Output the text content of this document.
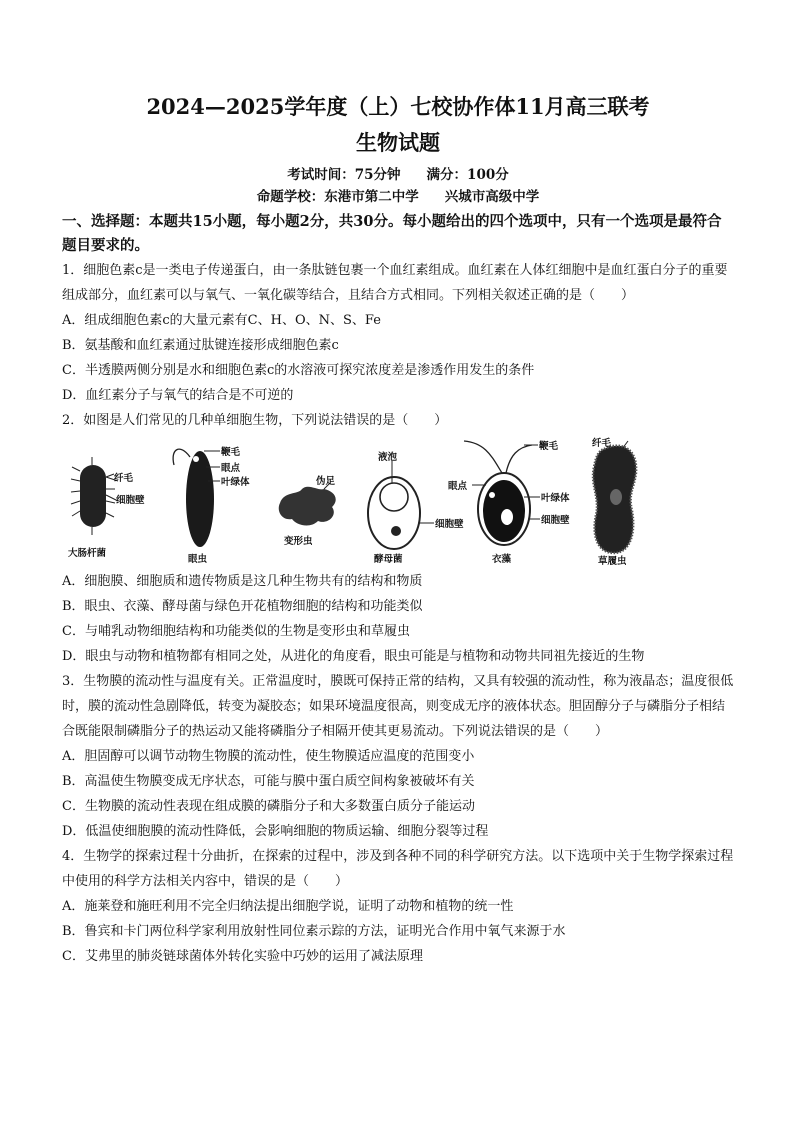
2024—2025学年度（上）七校协作体11月高三联考
生物试题
考试时间：75分钟 满分：100分
命题学校：东港市第二中学 兴城市高级中学
一、选择题：本题共15小题，每小题2分，共30分。每小题给出的四个选项中，只有一个选项是最符合题目要求的。
1．细胞色素c是一类电子传递蛋白，由一条肽链包裹一个血红素组成。血红素在人体红细胞中是血红蛋白分子的重要组成部分，血红素可以与氧气、一氧化碳等结合，且结合方式相同。下列相关叙述正确的是（　　）
A．组成细胞色素c的大量元素有C、H、O、N、S、Fe
B．氨基酸和血红素通过肽键连接形成细胞色素c
C．半透膜两侧分别是水和细胞色素c的水溶液可探究浓度差是渗透作用发生的条件
D．血红素分子与氧气的结合是不可逆的
2．如图是人们常见的几种单细胞生物，下列说法错误的是（　　）
纤毛
细胞壁
大肠杆菌
鞭毛
眼点
叶绿体
眼虫
伪足
变形虫
液泡
细胞壁
酵母菌
鞭毛
眼点
叶绿体
细胞壁
衣藻
纤毛
草履虫
A．细胞膜、细胞质和遗传物质是这几种生物共有的结构和物质
B．眼虫、衣藻、酵母菌与绿色开花植物细胞的结构和功能类似
C．与哺乳动物细胞结构和功能类似的生物是变形虫和草履虫
D．眼虫与动物和植物都有相同之处，从进化的角度看，眼虫可能是与植物和动物共同祖先接近的生物
3．生物膜的流动性与温度有关。正常温度时，膜既可保持正常的结构，又具有较强的流动性，称为液晶态；温度很低时，膜的流动性急剧降低，转变为凝胶态；如果环境温度很高，则变成无序的液体状态。胆固醇分子与磷脂分子相结合既能限制磷脂分子的热运动又能将磷脂分子相隔开使其更易流动。下列说法错误的是（　　）
A．胆固醇可以调节动物生物膜的流动性，使生物膜适应温度的范围变小
B．高温使生物膜变成无序状态，可能与膜中蛋白质空间构象被破坏有关
C．生物膜的流动性表现在组成膜的磷脂分子和大多数蛋白质分子能运动
D．低温使细胞膜的流动性降低，会影响细胞的物质运输、细胞分裂等过程
4．生物学的探索过程十分曲折，在探索的过程中，涉及到各种不同的科学研究方法。以下选项中关于生物学探索过程中使用的科学方法相关内容中，错误的是（　　）
A．施莱登和施旺利用不完全归纳法提出细胞学说，证明了动物和植物的统一性
B．鲁宾和卡门两位科学家利用放射性同位素示踪的方法，证明光合作用中氧气来源于水
C．艾弗里的肺炎链球菌体外转化实验中巧妙的运用了减法原理
